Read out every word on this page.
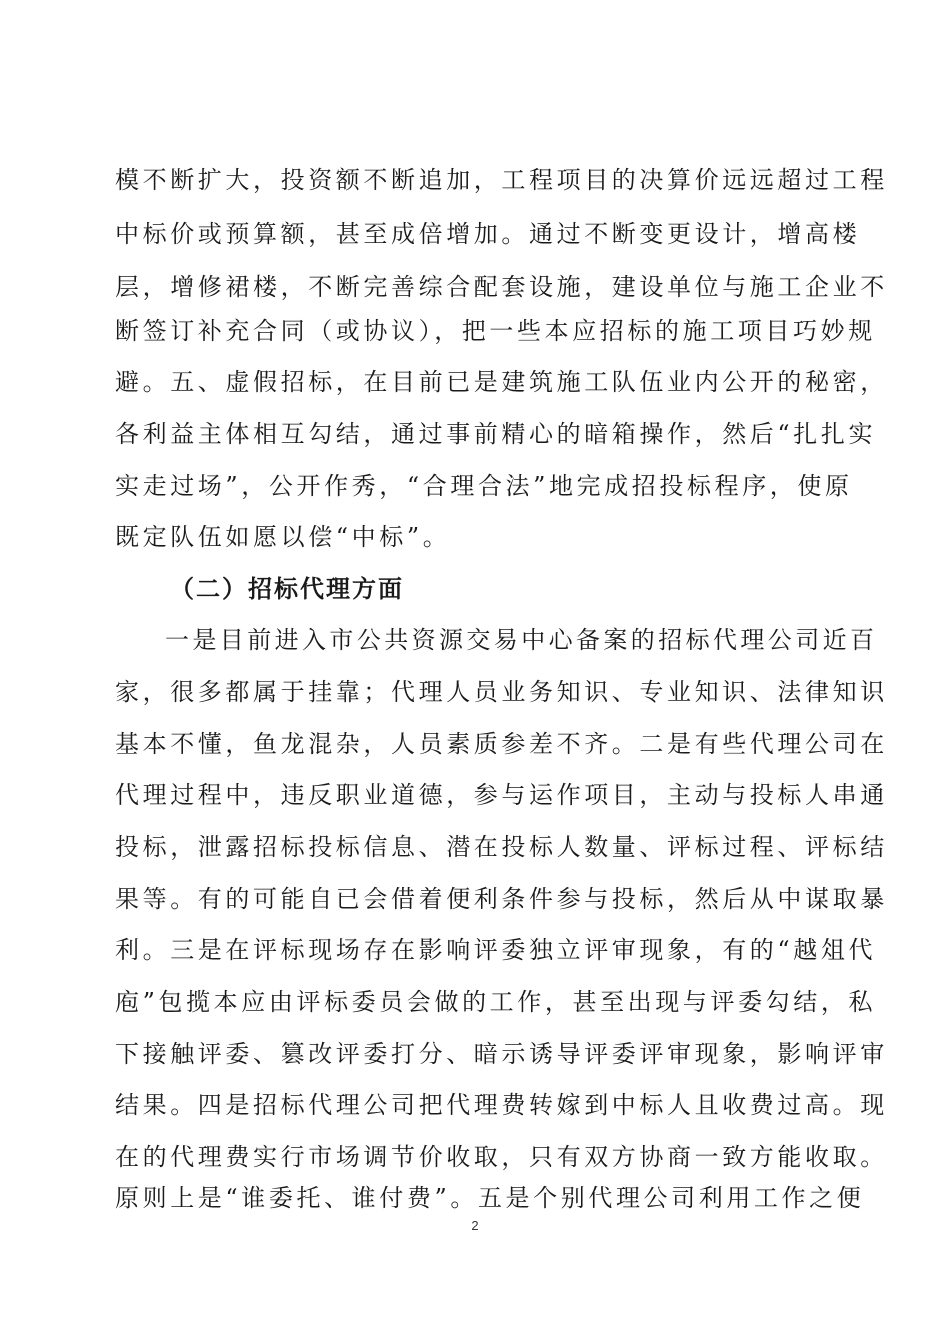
模不断扩大，投资额不断追加，工程项目的决算价远远超过工程
中标价或预算额，甚至成倍增加。通过不断变更设计，增高楼
层，增修裙楼，不断完善综合配套设施，建设单位与施工企业不
断签订补充合同（或协议），把一些本应招标的施工项目巧妙规
避。五、虚假招标，在目前已是建筑施工队伍业内公开的秘密，
各利益主体相互勾结，通过事前精心的暗箱操作，然后“扎扎实
实走过场”，公开作秀，“合理合法”地完成招投标程序，使原
既定队伍如愿以偿“中标”。
（二）招标代理方面
一是目前进入市公共资源交易中心备案的招标代理公司近百
家，很多都属于挂靠；代理人员业务知识、专业知识、法律知识
基本不懂，鱼龙混杂，人员素质参差不齐。二是有些代理公司在
代理过程中，违反职业道德，参与运作项目，主动与投标人串通
投标，泄露招标投标信息、潜在投标人数量、评标过程、评标结
果等。有的可能自已会借着便利条件参与投标，然后从中谋取暴
利。三是在评标现场存在影响评委独立评审现象，有的“越俎代
庖”包揽本应由评标委员会做的工作，甚至出现与评委勾结，私
下接触评委、篡改评委打分、暗示诱导评委评审现象，影响评审
结果。四是招标代理公司把代理费转嫁到中标人且收费过高。现
在的代理费实行市场调节价收取，只有双方协商一致方能收取。
原则上是“谁委托、谁付费”。五是个别代理公司利用工作之便
2
